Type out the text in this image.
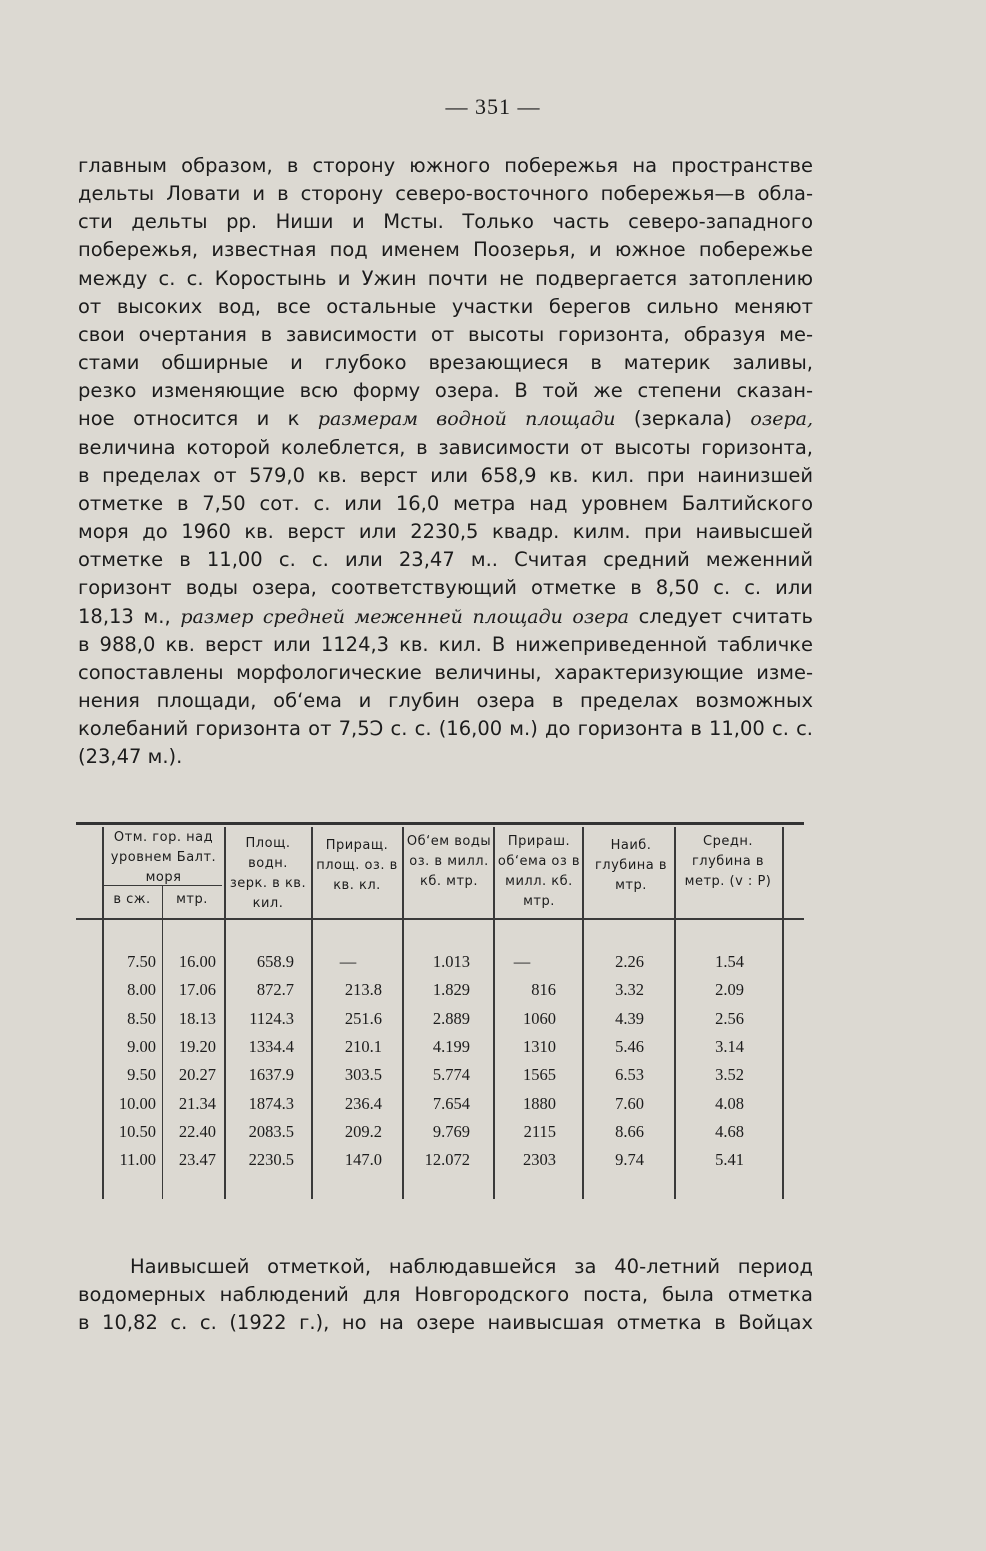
— 351 —
главным образом, в сторону южного побережья на пространстве
дельты Ловати и в сторону северо-восточного побережья—в обла-
сти дельты рр. Ниши и Мсты. Только часть северо-западного
побережья, известная под именем Поозерья, и южное побережье
между с. с. Коростынь и Ужин почти не подвергается затоплению
от высоких вод, все остальные участки берегов сильно меняют
свои очертания в зависимости от высоты горизонта, образуя ме-
стами обширные и глубоко врезающиеся в материк заливы,
резко изменяющие всю форму озера. В той же степени сказан-
ное относится и к размерам водной площади (зеркала) озера,
величина которой колеблется, в зависимости от высоты горизонта,
в пределах от 579,0 кв. верст или 658,9 кв. кил. при наинизшей
отметке в 7,50 сот. с. или 16,0 метра над уровнем Балтийского
моря до 1960 кв. верст или 2230,5 квадр. килм. при наивысшей
отметке в 11,00 с. с. или 23,47 м.. Считая средний меженний
горизонт воды озера, соответствующий отметке в 8,50 с. с. или
18,13 м., размер средней меженней площади озера следует считать
в 988,0 кв. верст или 1124,3 кв. кил. В нижеприведенной табличке
сопоставлены морфологические величины, характеризующие изме-
нения площади, об‘ема и глубин озера в пределах возможных
колебаний горизонта от 7,5Ͻ с. с. (16,00 м.) до горизонта в 11,00 с. с.
(23,47 м.).
Отм. гор. над уровнем Балт. моря
в сж.	мтр.
Площ. водн. зерк. в кв. кил.
Приращ. площ. оз. в кв. кл.
Об‘ем воды оз. в милл. кб. мтр.
Прираш. об‘ема оз в милл. кб. мтр.
Наиб. глубина в мтр.
Средн. глубина в метр. (v : P)
7.50	16.00	658.9	—	1.013	—	2.26	1.54
8.00	17.06	872.7	213.8	1.829	816	3.32	2.09
8.50	18.13	1124.3	251.6	2.889	1060	4.39	2.56
9.00	19.20	1334.4	210.1	4.199	1310	5.46	3.14
9.50	20.27	1637.9	303.5	5.774	1565	6.53	3.52
10.00	21.34	1874.3	236.4	7.654	1880	7.60	4.08
10.50	22.40	2083.5	209.2	9.769	2115	8.66	4.68
11.00	23.47	2230.5	147.0	12.072	2303	9.74	5.41
Наивысшей отметкой, наблюдавшейся за 40-летний период
водомерных наблюдений для Новгородского поста, была отметка
в 10,82 с. с. (1922 г.), но на озере наивысшая отметка в Войцах
